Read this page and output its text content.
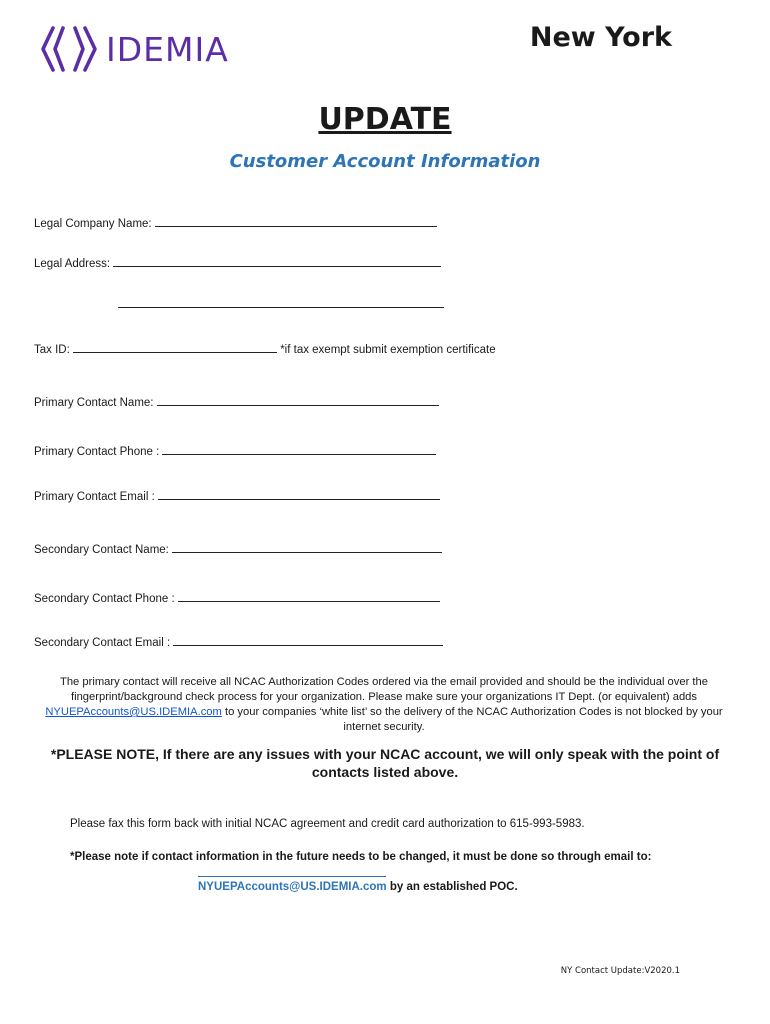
IDEMIA	New York
UPDATE
Customer Account Information
Legal Company Name:
Legal Address:
Tax ID:	*if tax exempt submit exemption certificate
Primary Contact Name:
Primary Contact Phone :
Primary Contact Email :
Secondary Contact Name:
Secondary Contact Phone :
Secondary Contact Email :
The primary contact will receive all NCAC Authorization Codes ordered via the email provided and should be the individual over the fingerprint/background check process for your organization. Please make sure your organizations IT Dept. (or equivalent) adds NYUEPAccounts@US.IDEMIA.com to your companies ‘white list’ so the delivery of the NCAC Authorization Codes is not blocked by your internet security.
*PLEASE NOTE, If there are any issues with your NCAC account, we will only speak with the point of contacts listed above.
Please fax this form back with initial NCAC agreement and credit card authorization to 615-993-5983.
*Please note if contact information in the future needs to be changed, it must be done so through email to:
NYUEPAccounts@US.IDEMIA.com by an established POC.
NY Contact Update:V2020.1
